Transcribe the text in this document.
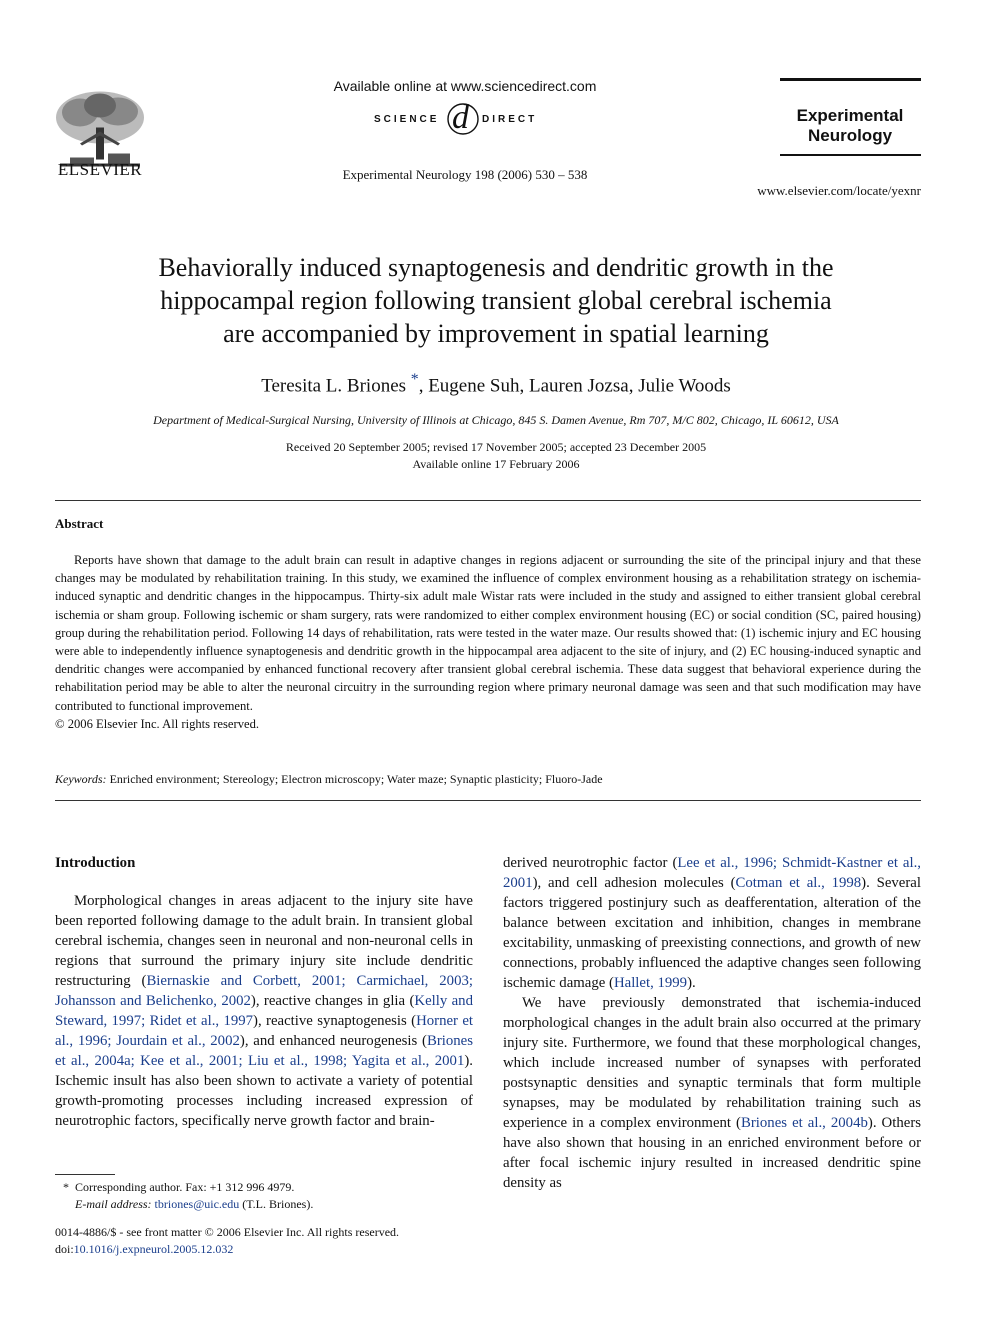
ELSEVIER
Available online at www.sciencedirect.com
SCIENCE d DIRECT
Experimental Neurology 198 (2006) 530 – 538
Experimental
Neurology
www.elsevier.com/locate/yexnr
Behaviorally induced synaptogenesis and dendritic growth in the
hippocampal region following transient global cerebral ischemia
are accompanied by improvement in spatial learning
Teresita L. Briones *, Eugene Suh, Lauren Jozsa, Julie Woods
Department of Medical-Surgical Nursing, University of Illinois at Chicago, 845 S. Damen Avenue, Rm 707, M/C 802, Chicago, IL 60612, USA
Received 20 September 2005; revised 17 November 2005; accepted 23 December 2005
Available online 17 February 2006
Abstract

Reports have shown that damage to the adult brain can result in adaptive changes in regions adjacent or surrounding the site of the principal injury and that these changes may be modulated by rehabilitation training. In this study, we examined the influence of complex environment housing as a rehabilitation strategy on ischemia-induced synaptic and dendritic changes in the hippocampus. Thirty-six adult male Wistar rats were included in the study and assigned to either transient global cerebral ischemia or sham group. Following ischemic or sham surgery, rats were randomized to either complex environment housing (EC) or social condition (SC, paired housing) group during the rehabilitation period. Following 14 days of rehabilitation, rats were tested in the water maze. Our results showed that: (1) ischemic injury and EC housing were able to independently influence synaptogenesis and dendritic growth in the hippocampal area adjacent to the site of injury, and (2) EC housing-induced synaptic and dendritic changes were accompanied by enhanced functional recovery after transient global cerebral ischemia. These data suggest that behavioral experience during the rehabilitation period may be able to alter the neuronal circuitry in the surrounding region where primary neuronal damage was seen and that such modification may have contributed to functional improvement.

© 2006 Elsevier Inc. All rights reserved.
Keywords: Enriched environment; Stereology; Electron microscopy; Water maze; Synaptic plasticity; Fluoro-Jade
Introduction

Morphological changes in areas adjacent to the injury site have been reported following damage to the adult brain. In transient global cerebral ischemia, changes seen in neuronal and non-neuronal cells in regions that surround the primary injury site include dendritic restructuring (Biernaskie and Corbett, 2001; Carmichael, 2003; Johansson and Belichenko, 2002), reactive changes in glia (Kelly and Steward, 1997; Ridet et al., 1997), reactive synaptogenesis (Horner et al., 1996; Jourdain et al., 2002), and enhanced neurogenesis (Briones et al., 2004a; Kee et al., 2001; Liu et al., 1998; Yagita et al., 2001). Ischemic insult has also been shown to activate a variety of potential growth-promoting processes including increased expression of neurotrophic factors, specifically nerve growth factor and brain-

derived neurotrophic factor (Lee et al., 1996; Schmidt-Kastner et al., 2001), and cell adhesion molecules (Cotman et al., 1998). Several factors triggered postinjury such as deafferentation, alteration of the balance between excitation and inhibition, changes in membrane excitability, unmasking of preexisting connections, and growth of new connections, probably influenced the adaptive changes seen following ischemic damage (Hallet, 1999).

We have previously demonstrated that ischemia-induced morphological changes in the adult brain also occurred at the primary injury site. Furthermore, we found that these morphological changes, which include increased number of synapses with perforated postsynaptic densities and synaptic terminals that form multiple synapses, may be modulated by rehabilitation training such as experience in a complex environment (Briones et al., 2004b). Others have also shown that housing in an enriched environment before or after focal ischemic injury resulted in increased dendritic spine density as

* Corresponding author. Fax: +1 312 996 4979.
E-mail address: tbriones@uic.edu (T.L. Briones).
0014-4886/$ - see front matter © 2006 Elsevier Inc. All rights reserved.
doi:10.1016/j.expneurol.2005.12.032
